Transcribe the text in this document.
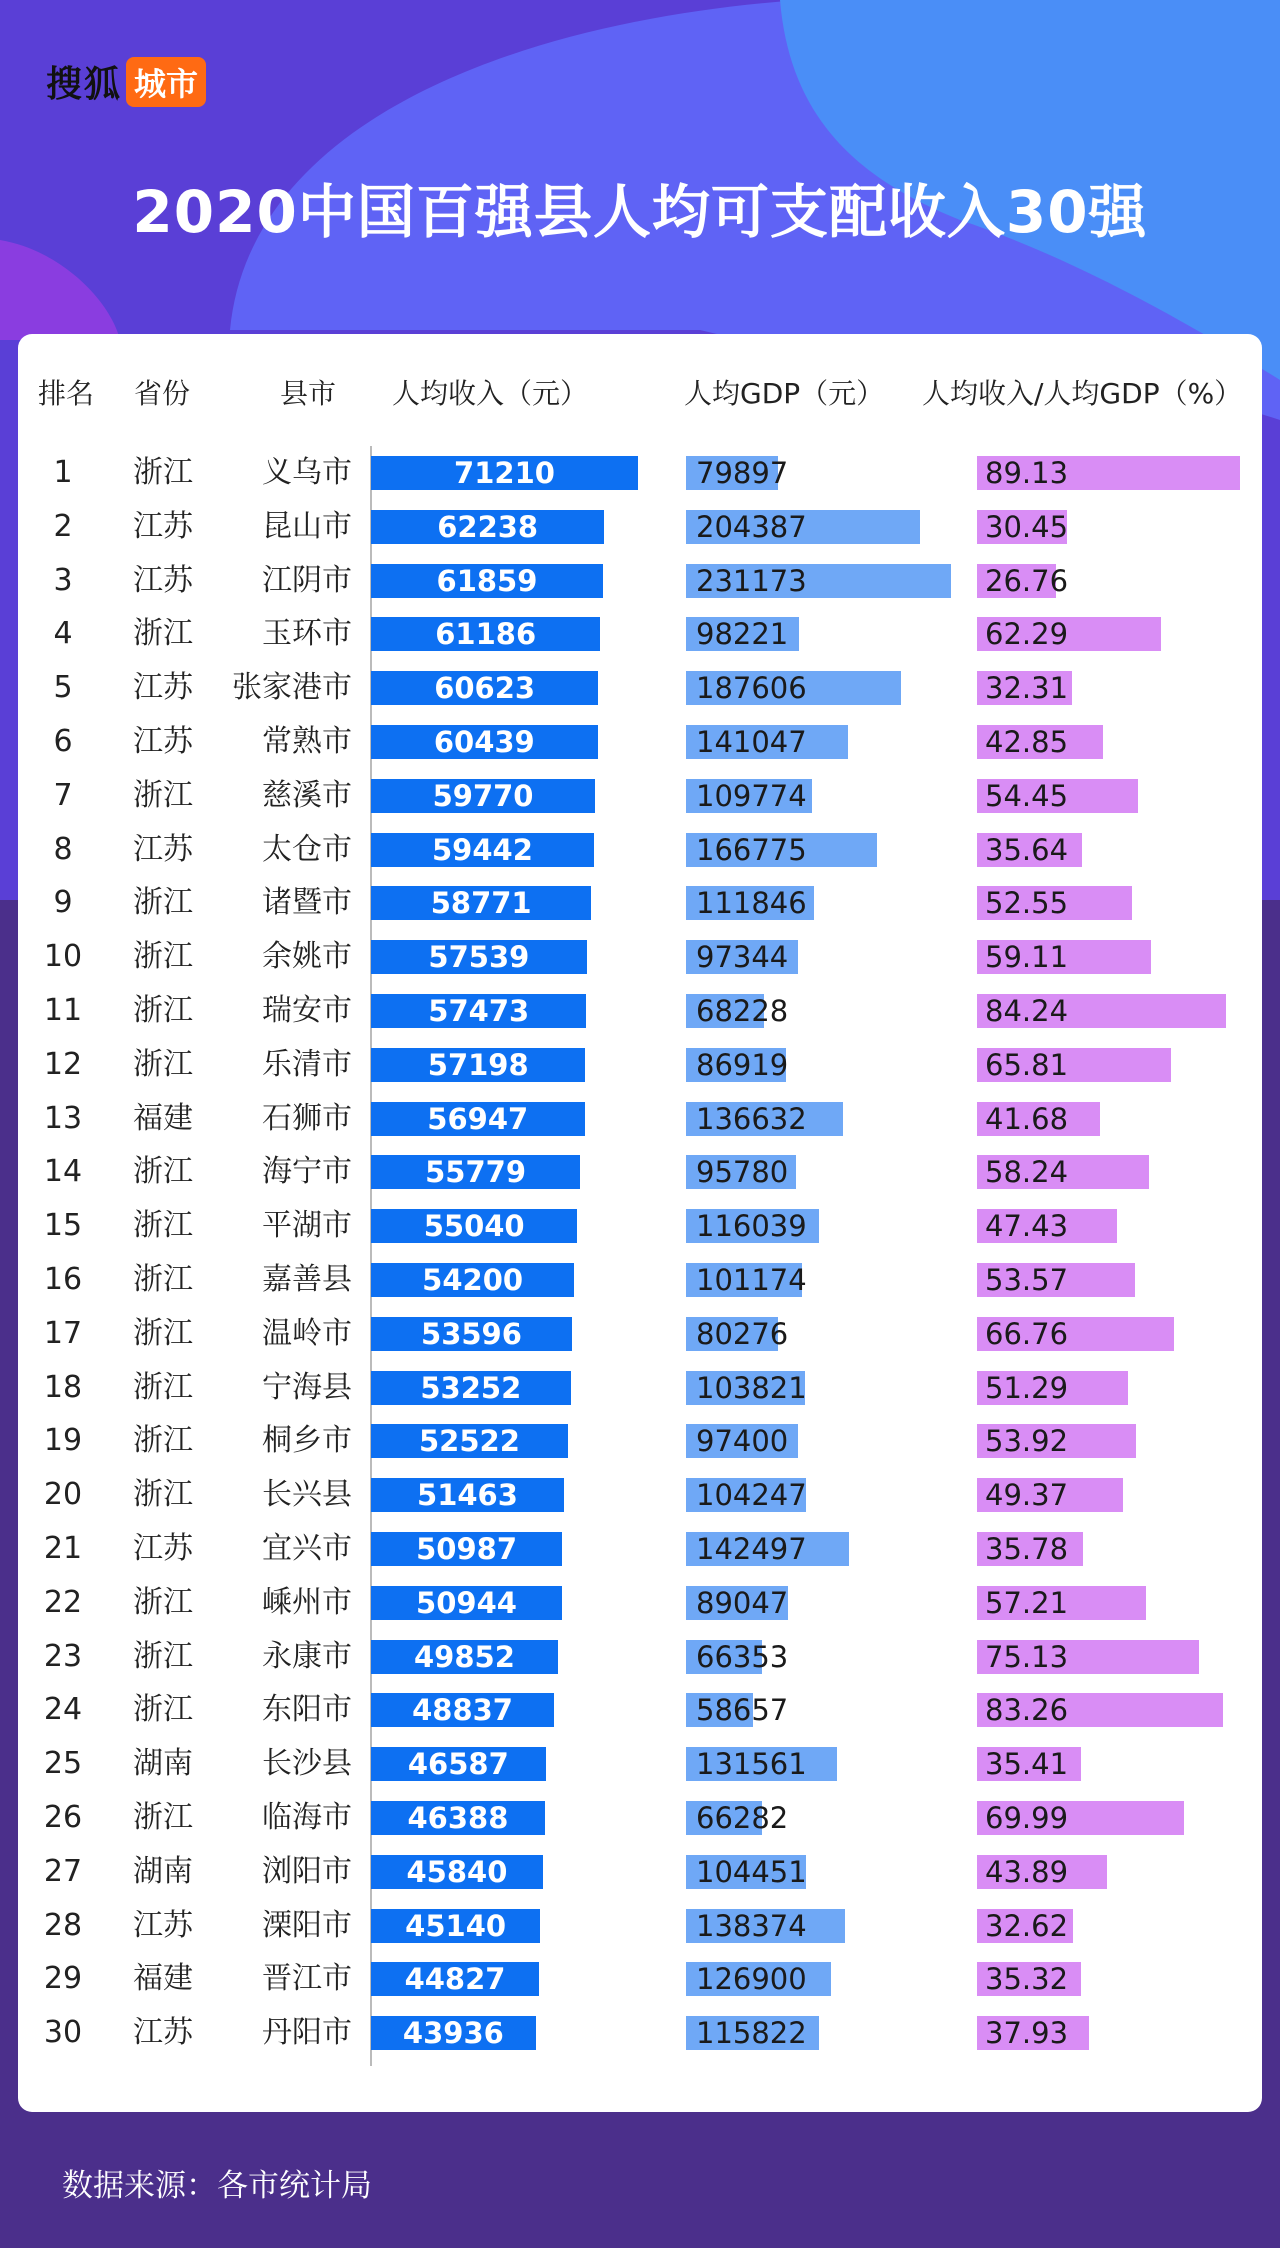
搜狐 城市
2020中国百强县人均可支配收入30强
排名 省份	县市 人均收入（元）	人均GDP（元） 人均收入/人均GDP（%）
1	浙江	义乌市	71210	79897	89.13
2	江苏	昆山市	62238	204387	30.45
3	江苏	江阴市	61859	231173	26.76
4	浙江	玉环市	61186	98221	62.29
5	江苏	张家港市	60623	187606	32.31
6	江苏	常熟市	60439	141047	42.85
7	浙江	慈溪市	59770	109774	54.45
8	江苏	太仓市	59442	166775	35.64
9	浙江	诸暨市	58771	111846	52.55
10	浙江	余姚市	57539	97344	59.11
11	浙江	瑞安市	57473	68228	84.24
12	浙江	乐清市	57198	86919	65.81
13	福建	石狮市	56947	136632	41.68
14	浙江	海宁市	55779	95780	58.24
15	浙江	平湖市	55040	116039	47.43
16	浙江	嘉善县	54200	101174	53.57
17	浙江	温岭市	53596	80276	66.76
18	浙江	宁海县	53252	103821	51.29
19	浙江	桐乡市	52522	97400	53.92
20	浙江	长兴县	51463	104247	49.37
21	江苏	宜兴市	50987	142497	35.78
22	浙江	嵊州市	50944	89047	57.21
23	浙江	永康市	49852	66353	75.13
24	浙江	东阳市	48837	58657	83.26
25	湖南	长沙县	46587	131561	35.41
26	浙江	临海市	46388	66282	69.99
27	湖南	浏阳市	45840	104451	43.89
28	江苏	溧阳市	45140	138374	32.62
29	福建	晋江市	44827	126900	35.32
30	江苏	丹阳市	43936	115822	37.93
数据来源：各市统计局
